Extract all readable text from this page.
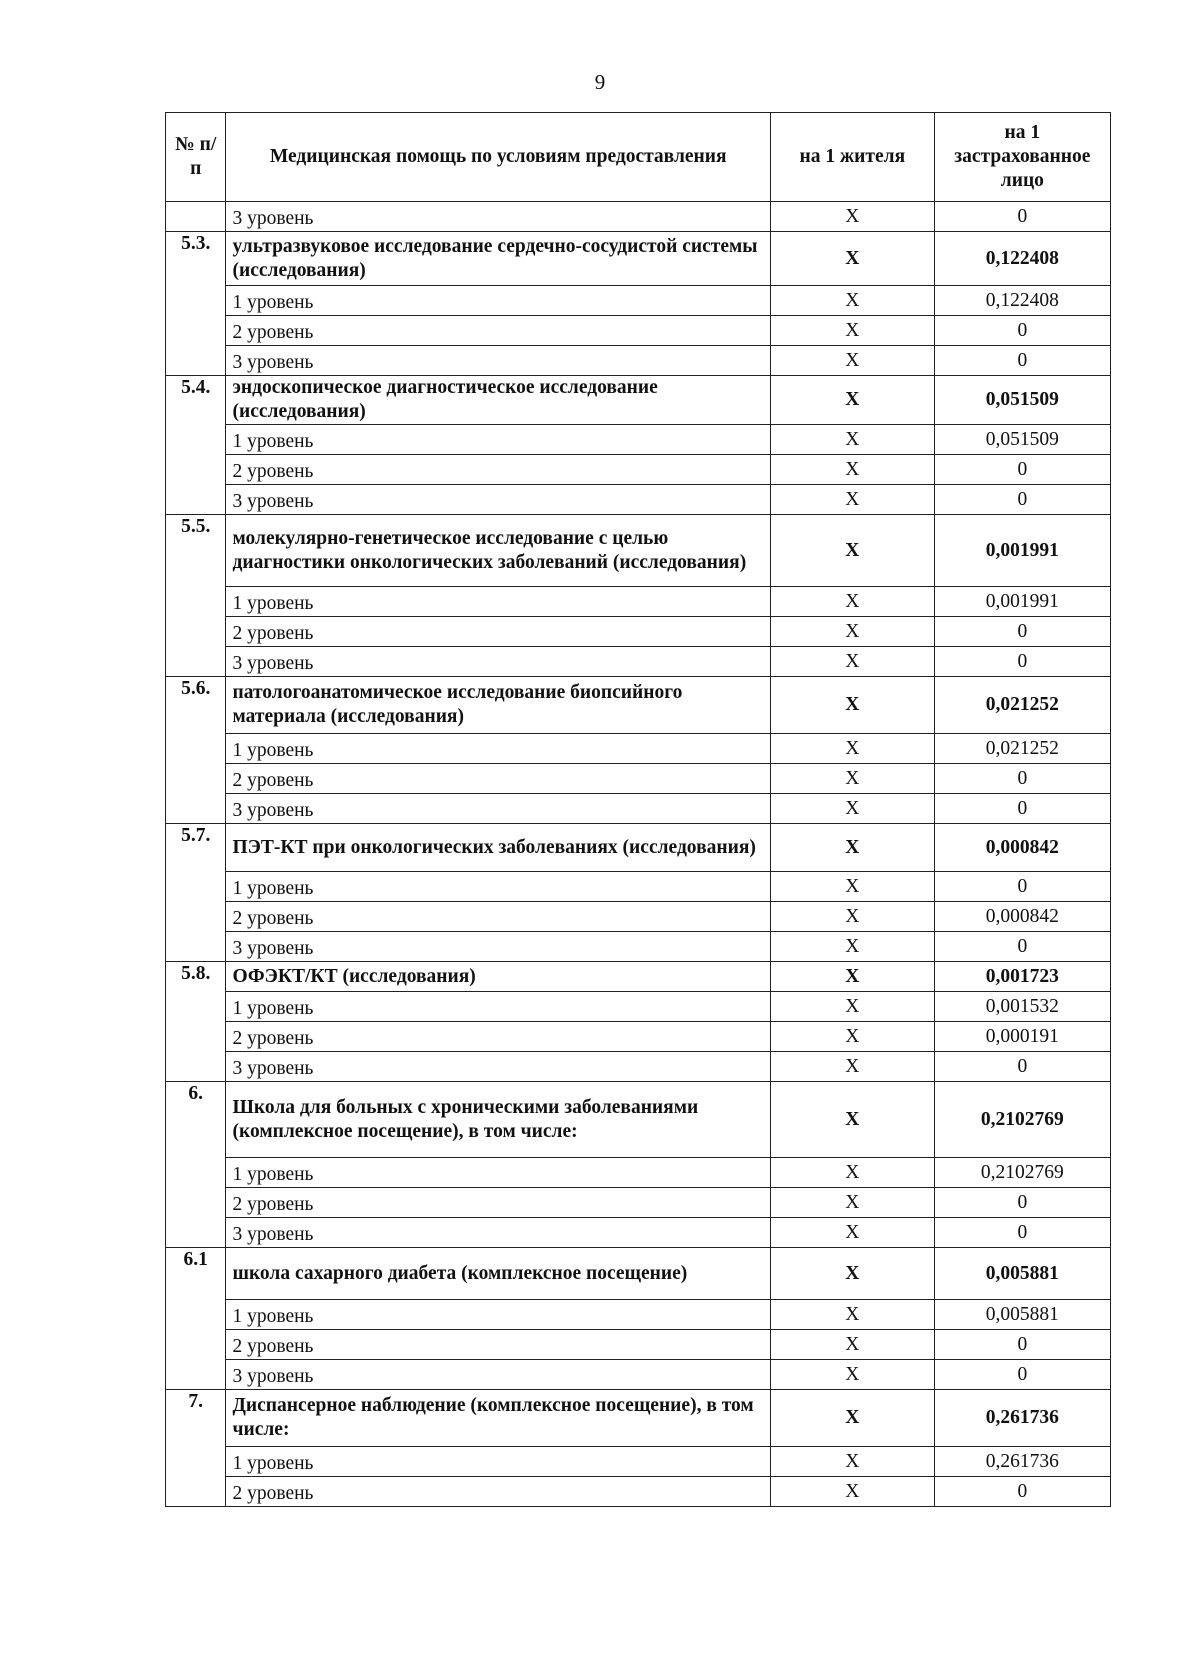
9
№ п/п	Медицинская помощь по условиям предоставления	на 1 жителя	на 1 застрахованное лицо
	3 уровень	Х	0
5.3.	ультразвуковое исследование сердечно-сосудистой системы (исследования)	Х	0,122408
	1 уровень	Х	0,122408
	2 уровень	Х	0
	3 уровень	Х	0
5.4.	эндоскопическое диагностическое исследование (исследования)	Х	0,051509
	1 уровень	Х	0,051509
	2 уровень	Х	0
	3 уровень	Х	0
5.5.	молекулярно-генетическое исследование с целью диагностики онкологических заболеваний (исследования)	Х	0,001991
	1 уровень	Х	0,001991
	2 уровень	Х	0
	3 уровень	Х	0
5.6.	патологоанатомическое исследование биопсийного материала (исследования)	Х	0,021252
	1 уровень	Х	0,021252
	2 уровень	Х	0
	3 уровень	Х	0
5.7.	ПЭТ-КТ при онкологических заболеваниях (исследования)	Х	0,000842
	1 уровень	Х	0
	2 уровень	Х	0,000842
	3 уровень	Х	0
5.8.	ОФЭКТ/КТ (исследования)	Х	0,001723
	1 уровень	Х	0,001532
	2 уровень	Х	0,000191
	3 уровень	Х	0
6.	Школа для больных с хроническими заболеваниями (комплексное посещение), в том числе:	Х	0,2102769
	1 уровень	Х	0,2102769
	2 уровень	Х	0
	3 уровень	Х	0
6.1	школа сахарного диабета (комплексное посещение)	Х	0,005881
	1 уровень	Х	0,005881
	2 уровень	Х	0
	3 уровень	Х	0
7.	Диспансерное наблюдение (комплексное посещение), в том числе:	Х	0,261736
	1 уровень	Х	0,261736
	2 уровень	Х	0
